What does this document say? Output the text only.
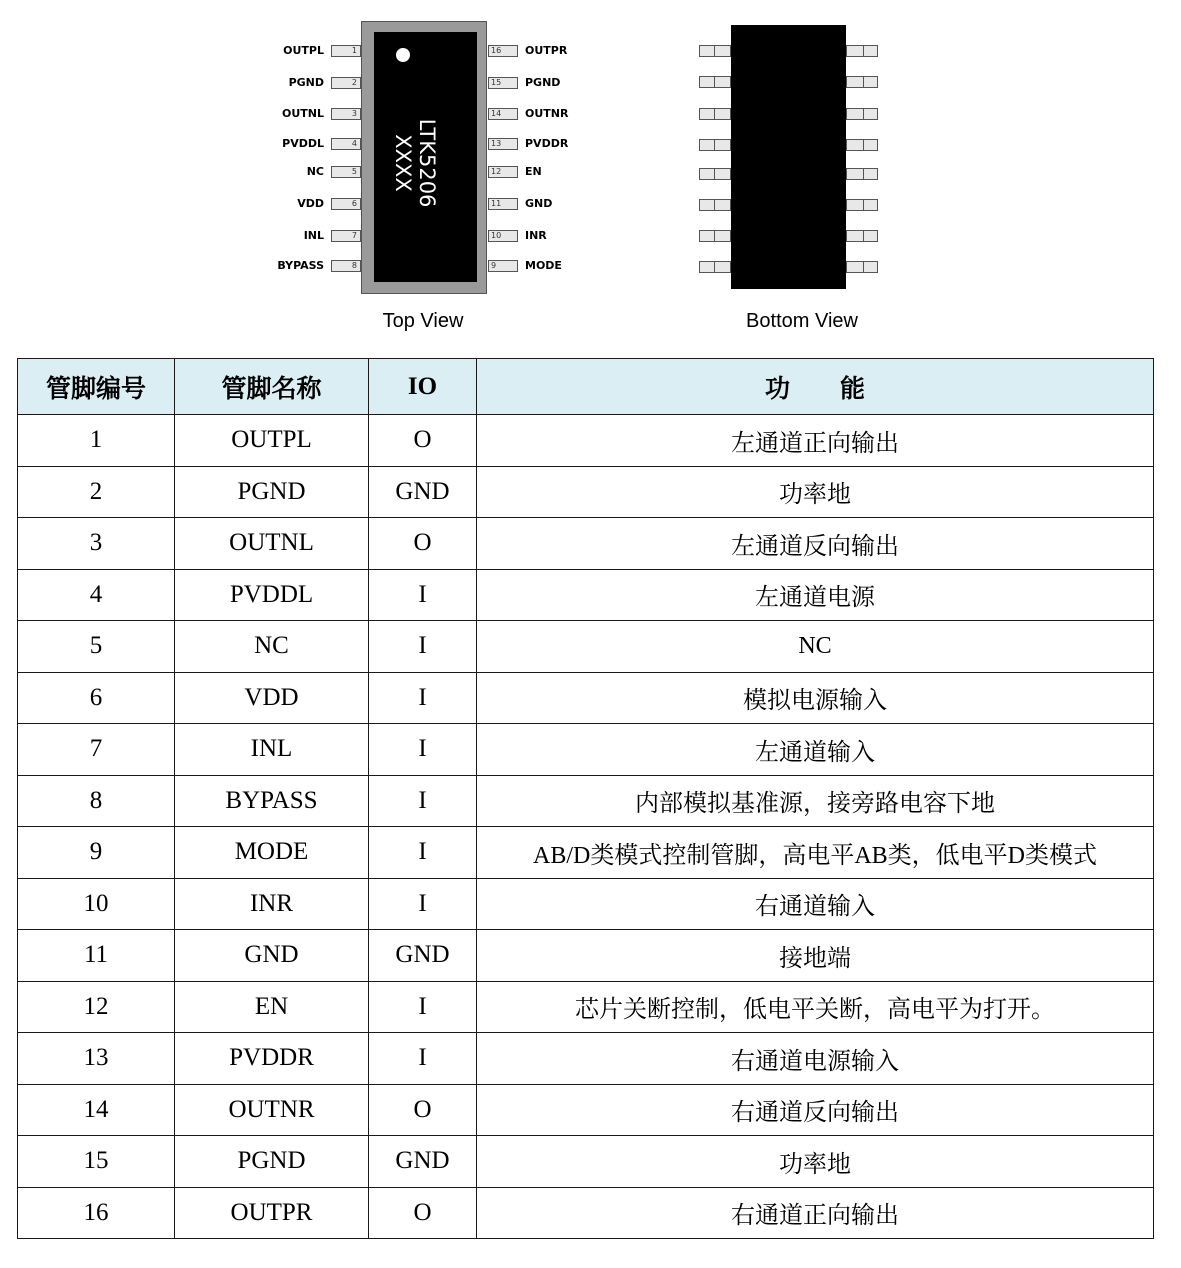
LTK5206
XXXX
1
OUTPL
2
PGND
3
OUTNL
4
PVDDL
5
NC
6
VDD
7
INL
8
BYPASS
16 OUTPR
15 PGND
14 OUTNR
13 PVDDR
12 EN
11 GND
10 INR
9	MODE
Top View	Bottom View
管脚编号	管脚名称	IO	功　　能
1	OUTPL	O	左通道正向输出
2	PGND	GND	功率地
3	OUTNL	O	左通道反向输出
4	PVDDL	I	左通道电源
5	NC	I	NC
6	VDD	I	模拟电源输入
7	INL	I	左通道输入
8	BYPASS	I	内部模拟基准源，接旁路电容下地
9	MODE	I	AB/D类模式控制管脚，高电平AB类，低电平D类模式
10	INR	I	右通道输入
11	GND	GND	接地端
12	EN	I	芯片关断控制，低电平关断，高电平为打开。
13	PVDDR	I	右通道电源输入
14	OUTNR	O	右通道反向输出
15	PGND	GND	功率地
16	OUTPR	O	右通道正向输出
